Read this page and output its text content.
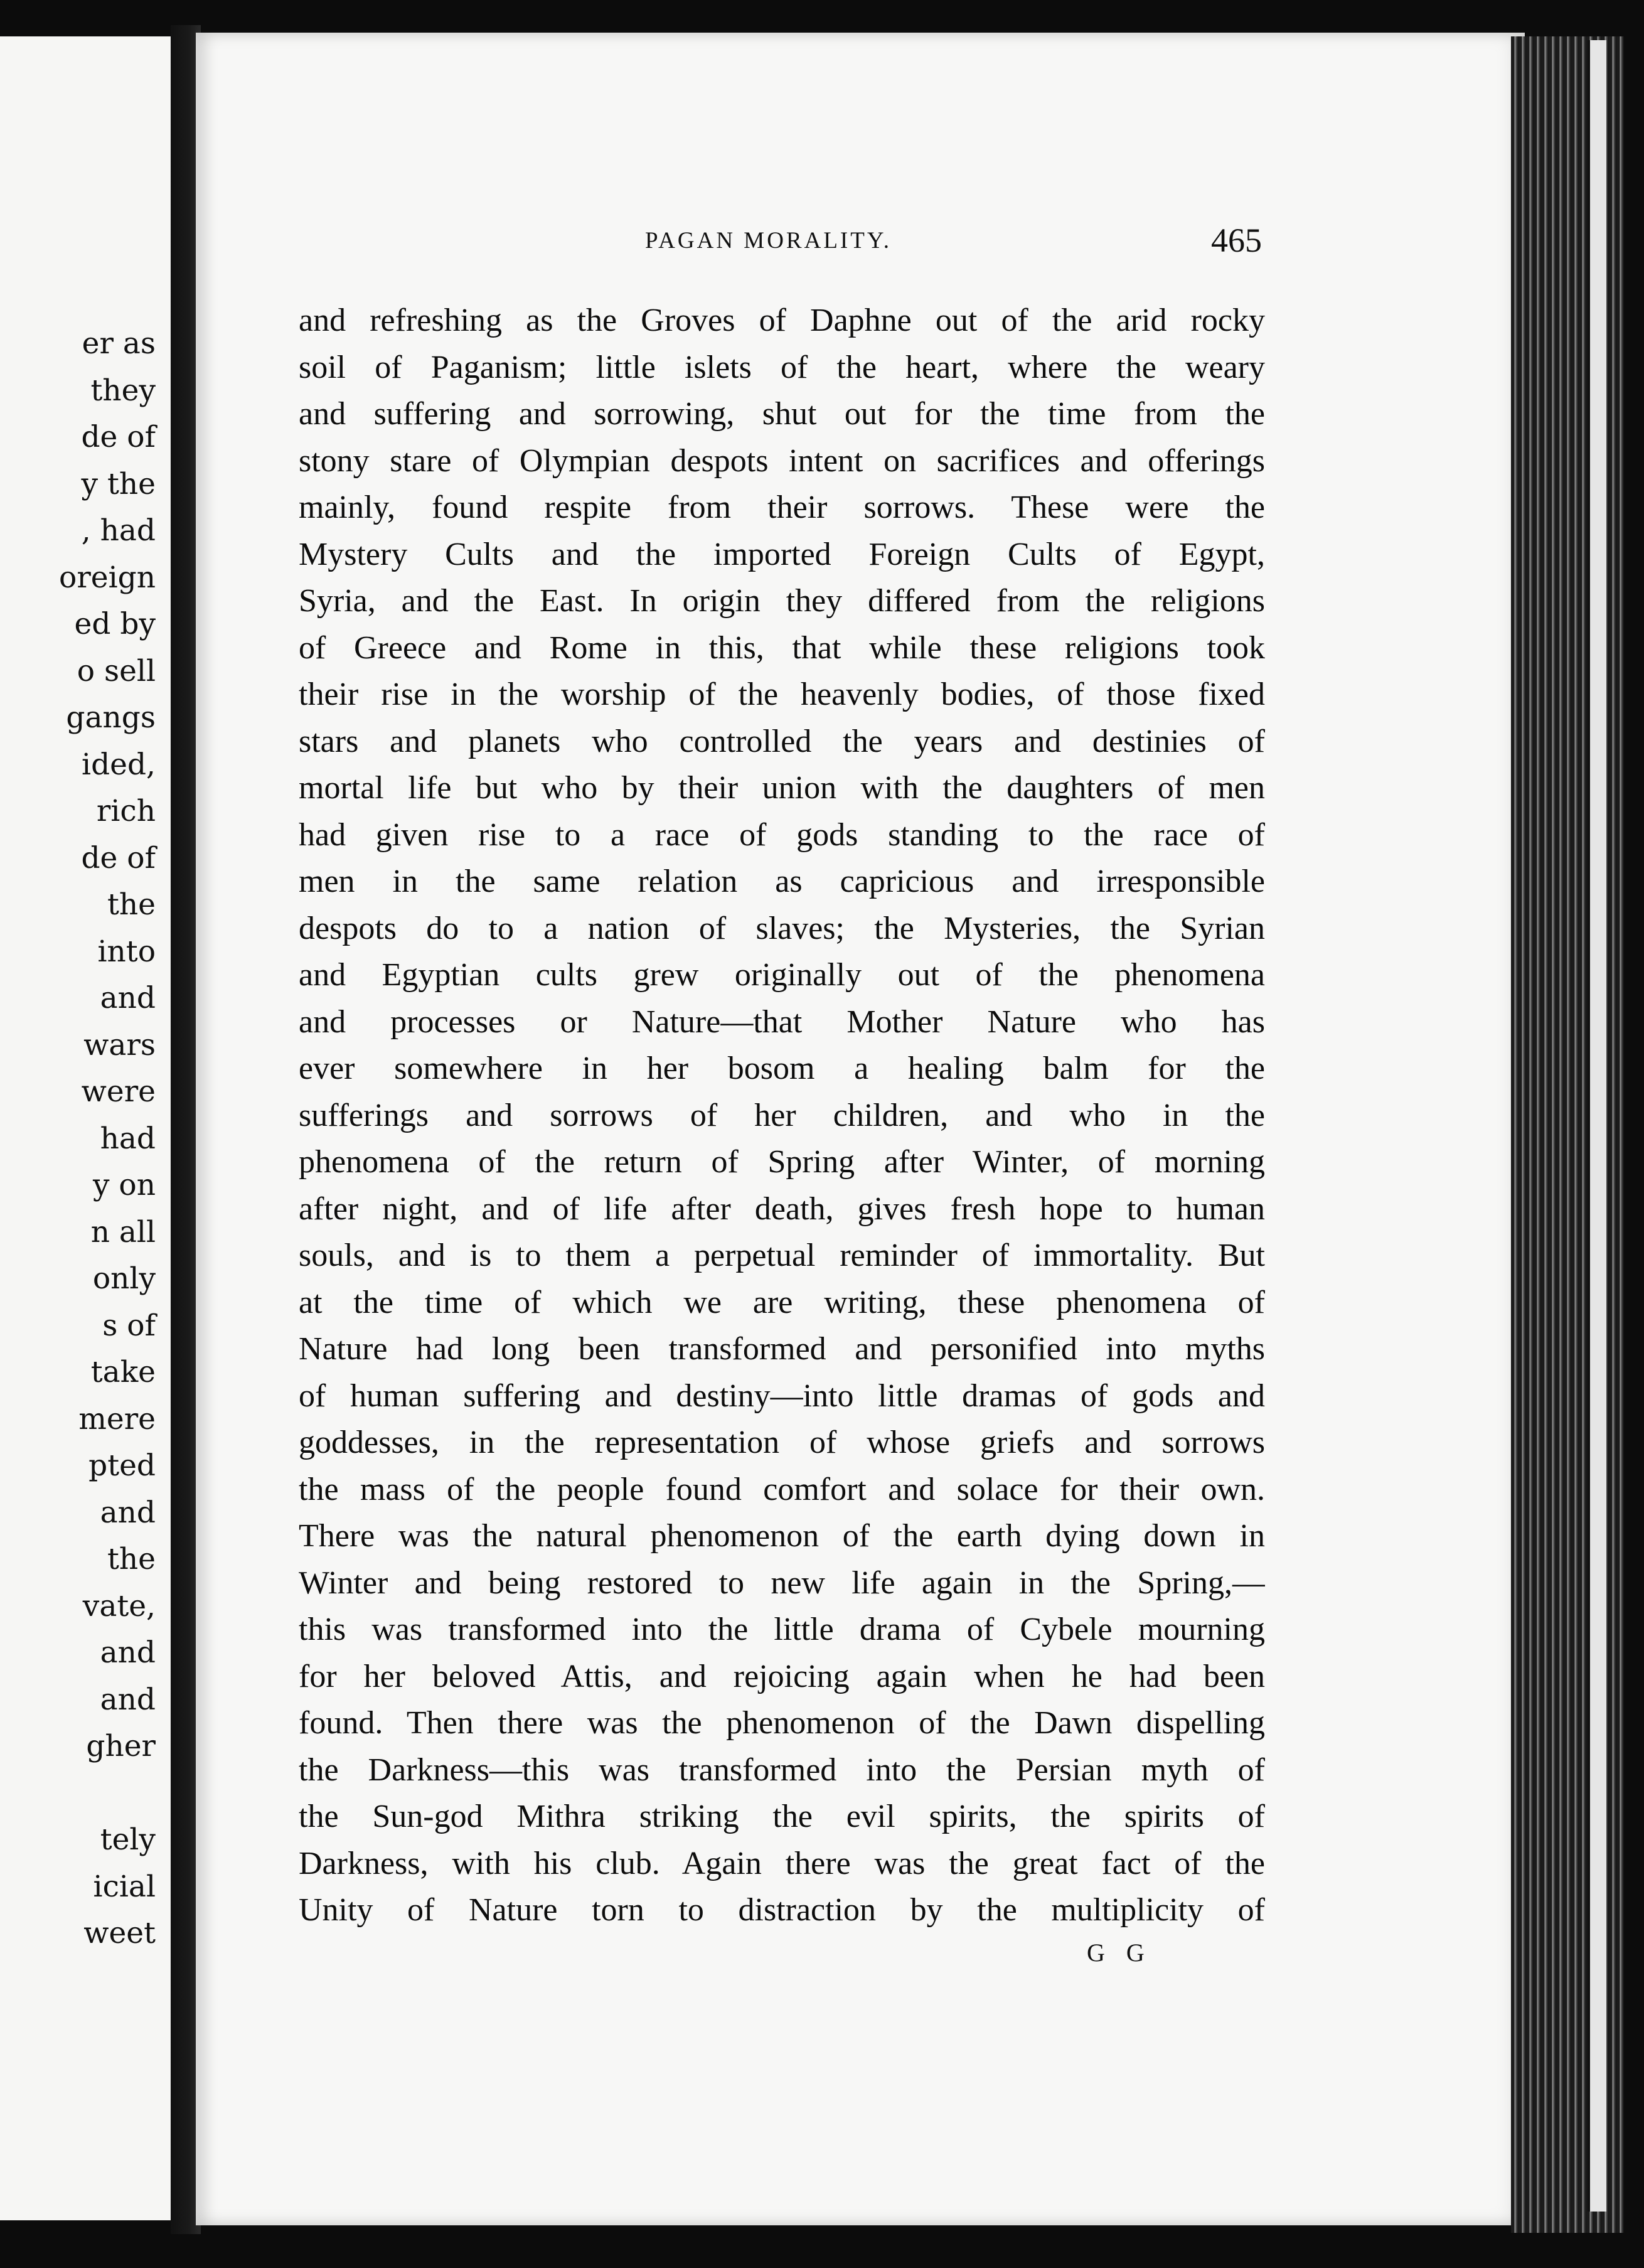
er as
they
de of
y the
, had
oreign
ed by
o sell
gangs
ided,
rich
de of
the
into
and
wars
were
had
y on
n all
only
s of
take
mere
pted
and
the
vate,
and
and
gher
tely
icial
weet
PAGAN MORALITY.	465
and refreshing as the Groves of Daphne out of the arid rocky
soil of Paganism; little islets of the heart, where the weary
and suffering and sorrowing, shut out for the time from the
stony stare of Olympian despots intent on sacrifices and offerings
mainly, found respite from their sorrows. These were the
Mystery Cults and the imported Foreign Cults of Egypt,
Syria, and the East. In origin they differed from the religions
of Greece and Rome in this, that while these religions took
their rise in the worship of the heavenly bodies, of those fixed
stars and planets who controlled the years and destinies of
mortal life but who by their union with the daughters of men
had given rise to a race of gods standing to the race of
men in the same relation as capricious and irresponsible
despots do to a nation of slaves; the Mysteries, the Syrian
and Egyptian cults grew originally out of the phenomena
and processes or Nature—that Mother Nature who has
ever somewhere in her bosom a healing balm for the
sufferings and sorrows of her children, and who in the
phenomena of the return of Spring after Winter, of morning
after night, and of life after death, gives fresh hope to human
souls, and is to them a perpetual reminder of immortality. But
at the time of which we are writing, these phenomena of
Nature had long been transformed and personified into myths
of human suffering and destiny—into little dramas of gods and
goddesses, in the representation of whose griefs and sorrows
the mass of the people found comfort and solace for their own.
There was the natural phenomenon of the earth dying down in
Winter and being restored to new life again in the Spring,—
this was transformed into the little drama of Cybele mourning
for her beloved Attis, and rejoicing again when he had been
found. Then there was the phenomenon of the Dawn dispelling
the Darkness—this was transformed into the Persian myth of
the Sun-god Mithra striking the evil spirits, the spirits of
Darkness, with his club. Again there was the great fact of the
Unity of Nature torn to distraction by the multiplicity of
G G
